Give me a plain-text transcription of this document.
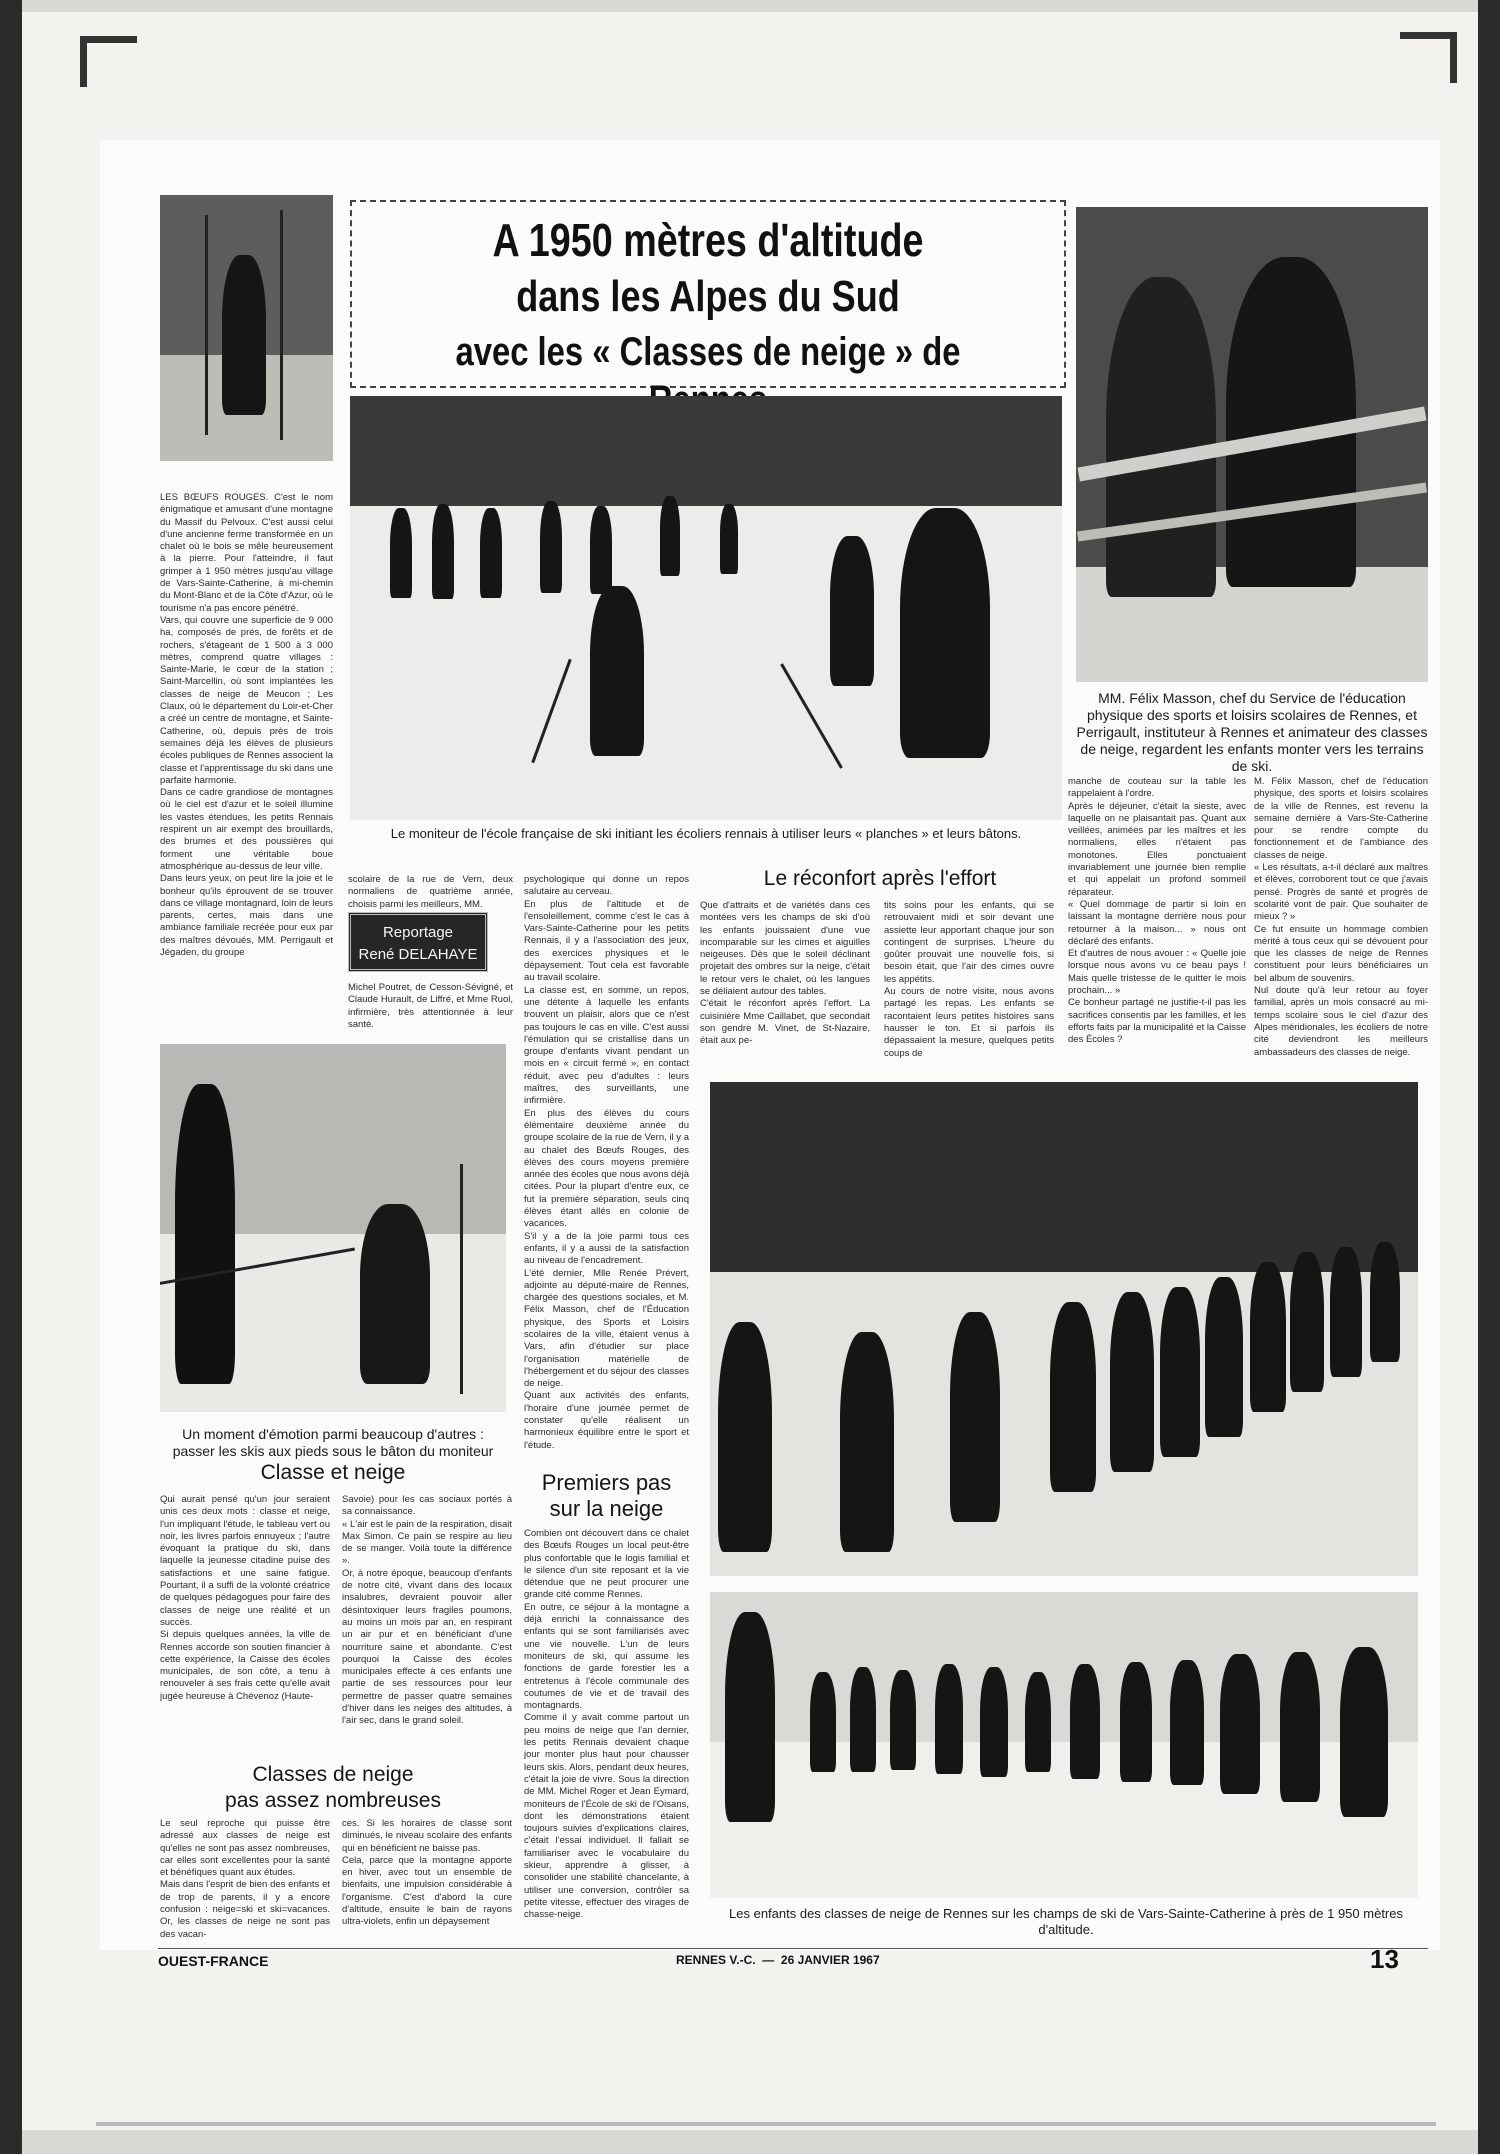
A 1950 mètres d'altitude
dans les Alpes du Sud
avec les « Classes de neige » de
MM. Félix Masson, chef du Service de l'éducation physique des sports et loisirs scolaires de Rennes, et Perrigault, instituteur à Rennes et animateur des classes de neige, regardent les enfants monter vers les terrains de ski.
LES BŒUFS ROUGES. C'est le nom énigmatique et amusant d'une montagne du Massif du Pelvoux. C'est aussi celui d'une ancienne ferme transformée en un chalet où le bois se mêle heureusement à la pierre. Pour l'atteindre, il faut grimper à 1 950 mètres jusqu'au village de Vars-Sainte-Catherine, à mi-chemin du Mont-Blanc et de la Côte d'Azur, où le tourisme n'a pas encore pénétré.
Vars, qui couvre une superficie de 9 000 ha, composés de prés, de forêts et de rochers, s'étageant de 1 500 à 3 000 mètres, comprend quatre villages : Sainte-Marie, le cœur de la station ; Saint-Marcellin, où sont implantées les classes de neige de Meucon ; Les Claux, où le département du Loir-et-Cher a créé un centre de montagne, et Sainte-Catherine, où, depuis près de trois semaines déjà les élèves de plusieurs écoles publiques de Rennes associent la classe et l'apprentissage du ski dans une parfaite harmonie.
Dans ce cadre grandiose de montagnes où le ciel est d'azur et le soleil illumine les vastes étendues, les petits Rennais respirent un air exempt des brouillards, des brumes et des poussières qui forment une véritable boue atmosphérique au-dessus de leur ville.
Dans leurs yeux, on peut lire la joie et le bonheur qu'ils éprouvent de se trouver dans ce village montagnard, loin de leurs parents, certes, mais dans une ambiance familiale recréée pour eux par des maîtres dévoués, MM. Perrigault et Jégaden, du groupe
Le moniteur de l'école française de ski initiant les écoliers rennais à utiliser leurs « planches » et leurs bâtons.
scolaire de la rue de Vern, deux normaliens de quatrième année, choisis parmi les meilleurs, MM.
Reportage
René DELAHAYE
Michel Poutret, de Cesson-Sévigné, et Claude Hurault, de Liffré, et Mme Ruol, infirmière, très attentionnée à leur santé.
psychologique qui donne un repos salutaire au cerveau.
En plus de l'altitude et de l'ensoleillement, comme c'est le cas à Vars-Sainte-Catherine pour les petits Rennais, il y a l'association des jeux, des exercices physiques et le dépaysement. Tout cela est favorable au travail scolaire.
La classe est, en somme, un repos, une détente à laquelle les enfants trouvent un plaisir, alors que ce n'est pas toujours le cas en ville. C'est aussi l'émulation qui se cristallise dans un groupe d'enfants vivant pendant un mois en « circuit fermé », en contact réduit, avec peu d'adultes : leurs maîtres, des surveillants, une infirmière.
En plus des élèves du cours élémentaire deuxième année du groupe scolaire de la rue de Vern, il y a au chalet des Bœufs Rouges, des élèves des cours moyens première année des écoles que nous avons déjà citées. Pour la plupart d'entre eux, ce fut la première séparation, seuls cinq élèves étant allés en colonie de vacances.
S'il y a de la joie parmi tous ces enfants, il y a aussi de la satisfaction au niveau de l'encadrement.
L'été dernier, Mlle Renée Prévert, adjointe au député-maire de Rennes, chargée des questions sociales, et M. Félix Masson, chef de l'Éducation physique, des Sports et Loisirs scolaires de la ville, étaient venus à Vars, afin d'étudier sur place l'organisation matérielle de l'hébergement et du séjour des classes de neige.
Quant aux activités des enfants, l'horaire d'une journée permet de constater qu'elle réalisent un harmonieux équilibre entre le sport et l'étude.
Le réconfort après l'effort
Que d'attraits et de variétés dans ces montées vers les champs de ski d'où les enfants jouissaient d'une vue incomparable sur les cimes et aiguilles neigeuses. Dès que le soleil déclinant projetait des ombres sur la neige, c'était le retour vers le chalet, où les langues se déliaient autour des tables.
C'était le réconfort après l'effort. La cuisinière Mme Caillabet, que secondait son gendre M. Vinet, de St-Nazaire, était aux pe-
tits soins pour les enfants, qui se retrouvaient midi et soir devant une assiette leur apportant chaque jour son contingent de surprises. L'heure du goûter prouvait une nouvelle fois, si besoin était, que l'air des cimes ouvre les appétits.
Au cours de notre visite, nous avons partagé les repas. Les enfants se racontaient leurs petites histoires sans hausser le ton. Et si parfois ils dépassaient la mesure, quelques petits coups de
manche de couteau sur la table les rappelaient à l'ordre.
Après le déjeuner, c'était la sieste, avec laquelle on ne plaisantait pas. Quant aux veillées, animées par les maîtres et les normaliens, elles n'étaient pas monotones. Elles ponctuaient invariablement une journée bien remplie et qui appelait un profond sommeil réparateur.
« Quel dommage de partir si loin en laissant la montagne derrière nous pour retourner à la maison... » nous ont déclaré des enfants.
Et d'autres de nous avouer : « Quelle joie lorsque nous avons vu ce beau pays ! Mais quelle tristesse de le quitter le mois prochain... »
Ce bonheur partagé ne justifie-t-il pas les sacrifices consentis par les familles, et les efforts faits par la municipalité et la Caisse des Écoles ?
M. Félix Masson, chef de l'éducation physique, des sports et loisirs scolaires de la ville de Rennes, est revenu la semaine dernière à Vars-Ste-Catherine pour se rendre compte du fonctionnement et de l'ambiance des classes de neige.
« Les résultats, a-t-il déclaré aux maîtres et élèves, corroborent tout ce que j'avais pensé. Progrès de santé et progrès de scolarité vont de pair. Que souhaiter de mieux ? »
Ce fut ensuite un hommage combien mérité à tous ceux qui se dévouent pour que les classes de neige de Rennes constituent pour leurs bénéficiaires un bel album de souvenirs.
Nul doute qu'à leur retour au foyer familial, après un mois consacré au mi-temps scolaire sous le ciel d'azur des Alpes méridionales, les écoliers de notre cité deviendront les meilleurs ambassadeurs des classes de neige.
Un moment d'émotion parmi beaucoup d'autres : passer les skis aux pieds sous le bâton du moniteur
Classe et neige
Qui aurait pensé qu'un jour seraient unis ces deux mots : classe et neige, l'un impliquant l'étude, le tableau vert ou noir, les livres parfois ennuyeux ; l'autre évoquant la pratique du ski, dans laquelle la jeunesse citadine puise des satisfactions et une saine fatigue. Pourtant, il a suffi de la volonté créatrice de quelques pédagogues pour faire des classes de neige une réalité et un succès.
Si depuis quelques années, la ville de Rennes accorde son soutien financier à cette expérience, la Caisse des écoles municipales, de son côté, a tenu à renouveler à ses frais cette qu'elle avait jugée heureuse à Chévenoz (Haute-
Savoie) pour les cas sociaux portés à sa connaissance.
« L'air est le pain de la respiration, disait Max Simon. Ce pain se respire au lieu de se manger. Voilà toute la différence ».
Or, à notre époque, beaucoup d'enfants de notre cité, vivant dans des locaux insalubres, devraient pouvoir aller désintoxiquer leurs fragiles poumons, au moins un mois par an, en respirant un air pur et en bénéficiant d'une nourriture saine et abondante. C'est pourquoi la Caisse des écoles municipales effecte à ces enfants une partie de ses ressources pour leur permettre de passer quatre semaines d'hiver dans les neiges des altitudes, à l'air sec, dans le grand soleil.
Classes de neige
pas assez nombreuses
Le seul reproche qui puisse être adressé aux classes de neige est qu'elles ne sont pas assez nombreuses, car elles sont excellentes pour la santé et bénéfiques quant aux études.
Mais dans l'esprit de bien des enfants et de trop de parents, il y a encore confusion : neige=ski et ski=vacances. Or, les classes de neige ne sont pas des vacan-
ces. Si les horaires de classe sont diminués, le niveau scolaire des enfants qui en bénéficient ne baisse pas.
Cela, parce que la montagne apporte en hiver, avec tout un ensemble de bienfaits, une impulsion considérable à l'organisme. C'est d'abord la cure d'altitude, ensuite le bain de rayons ultra-violets, enfin un dépaysement
Premiers pas
sur la neige
Combien ont découvert dans ce chalet des Bœufs Rouges un local peut-être plus confortable que le logis familial et le silence d'un site reposant et la vie détendue que ne peut procurer une grande cité comme Rennes.
En outre, ce séjour à la montagne a déjà enrichi la connaissance des enfants qui se sont familiarisés avec une vie nouvelle. L'un de leurs moniteurs de ski, qui assume les fonctions de garde forestier les a entretenus à l'école communale des coutumes de vie et de travail des montagnards.
Comme il y avait comme partout un peu moins de neige que l'an dernier, les petits Rennais devaient chaque jour monter plus haut pour chausser leurs skis. Alors, pendant deux heures, c'était la joie de vivre. Sous la direction de MM. Michel Roger et Jean Eymard, moniteurs de l'École de ski de l'Oisans, dont les démonstrations étaient toujours suivies d'explications claires, c'était l'essai individuel. Il fallait se familiariser avec le vocabulaire du skieur, apprendre à glisser, à consolider une stabilité chancelante, à utiliser une conversion, contrôler sa petite vitesse, effectuer des virages de chasse-neige.	Les enfants des classes de neige de Rennes sur les champs de ski de Vars-Sainte-Catherine à près de 1 950 mètres d'altitude.
OUEST-FRANCE	RENNES V.-C.  —  26 JANVIER 1967	13
